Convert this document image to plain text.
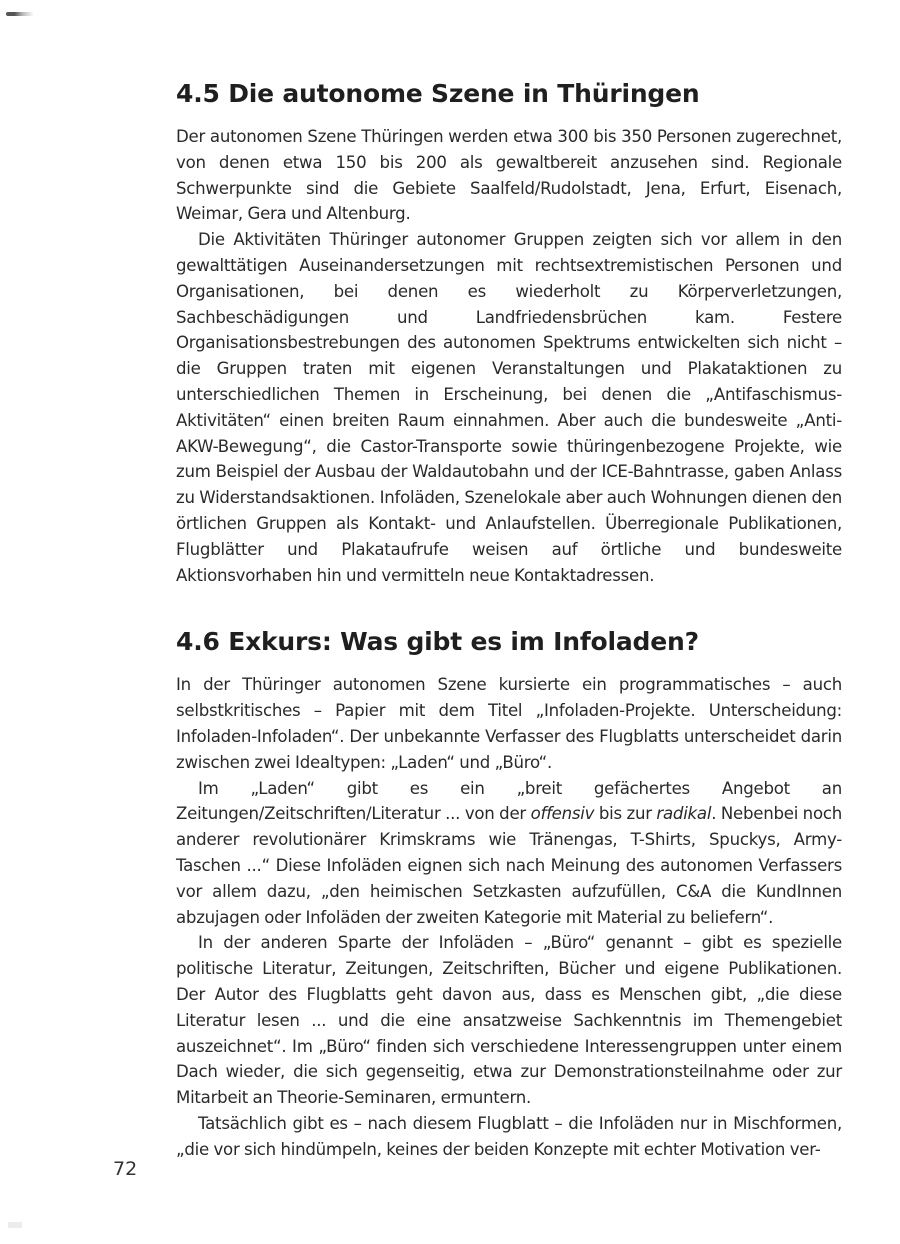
4.5 Die autonome Szene in Thüringen

Der autonomen Szene Thüringen werden etwa 300 bis 350 Personen zugerechnet, von denen etwa 150 bis 200 als gewaltbereit anzusehen sind. Regionale Schwerpunkte sind die Gebiete Saalfeld/Rudolstadt, Jena, Erfurt, Eisenach, Weimar, Gera und Altenburg.

Die Aktivitäten Thüringer autonomer Gruppen zeigten sich vor allem in den gewalttätigen Auseinandersetzungen mit rechtsextremistischen Personen und Organisationen, bei denen es wiederholt zu Körperverletzungen, Sachbeschädigungen und Landfriedensbrüchen kam. Festere Organisationsbestrebungen des autonomen Spektrums entwickelten sich nicht – die Gruppen traten mit eigenen Veranstaltungen und Plakataktionen zu unterschiedlichen Themen in Erscheinung, bei denen die „Antifaschismus-Aktivitäten“ einen breiten Raum einnahmen. Aber auch die bundesweite „Anti-AKW-Bewegung“, die Castor-Transporte sowie thüringenbezogene Projekte, wie zum Beispiel der Ausbau der Waldautobahn und der ICE-Bahntrasse, gaben Anlass zu Widerstandsaktionen. Infoläden, Szenelokale aber auch Wohnungen dienen den örtlichen Gruppen als Kontakt- und Anlaufstellen. Überregionale Publikationen, Flugblätter und Plakataufrufe weisen auf örtliche und bundesweite Aktionsvorhaben hin und vermitteln neue Kontaktadressen.

4.6 Exkurs: Was gibt es im Infoladen?

In der Thüringer autonomen Szene kursierte ein programmatisches – auch selbstkritisches – Papier mit dem Titel „Infoladen-Projekte. Unterscheidung: Infoladen-Infoladen“. Der unbekannte Verfasser des Flugblatts unterscheidet darin zwischen zwei Idealtypen: „Laden“ und „Büro“.

Im „Laden“ gibt es ein „breit gefächertes Angebot an Zeitungen/Zeitschriften/Literatur ... von der offensiv bis zur radikal. Nebenbei noch anderer revolutionärer Krimskrams wie Tränengas, T-Shirts, Spuckys, Army-Taschen ...“ Diese Infoläden eignen sich nach Meinung des autonomen Verfassers vor allem dazu, „den heimischen Setzkasten aufzufüllen, C&A die KundInnen abzujagen oder Infoläden der zweiten Kategorie mit Material zu beliefern“.

In der anderen Sparte der Infoläden – „Büro“ genannt – gibt es spezielle politische Literatur, Zeitungen, Zeitschriften, Bücher und eigene Publikationen. Der Autor des Flugblatts geht davon aus, dass es Menschen gibt, „die diese Literatur lesen ... und die eine ansatzweise Sachkenntnis im Themengebiet auszeichnet“. Im „Büro“ finden sich verschiedene Interessengruppen unter einem Dach wieder, die sich gegenseitig, etwa zur Demonstrationsteilnahme oder zur Mitarbeit an Theorie-Seminaren, ermuntern.

Tatsächlich gibt es – nach diesem Flugblatt – die Infoläden nur in Mischformen, „die vor sich hindümpeln, keines der beiden Konzepte mit echter Motivation ver-

72
